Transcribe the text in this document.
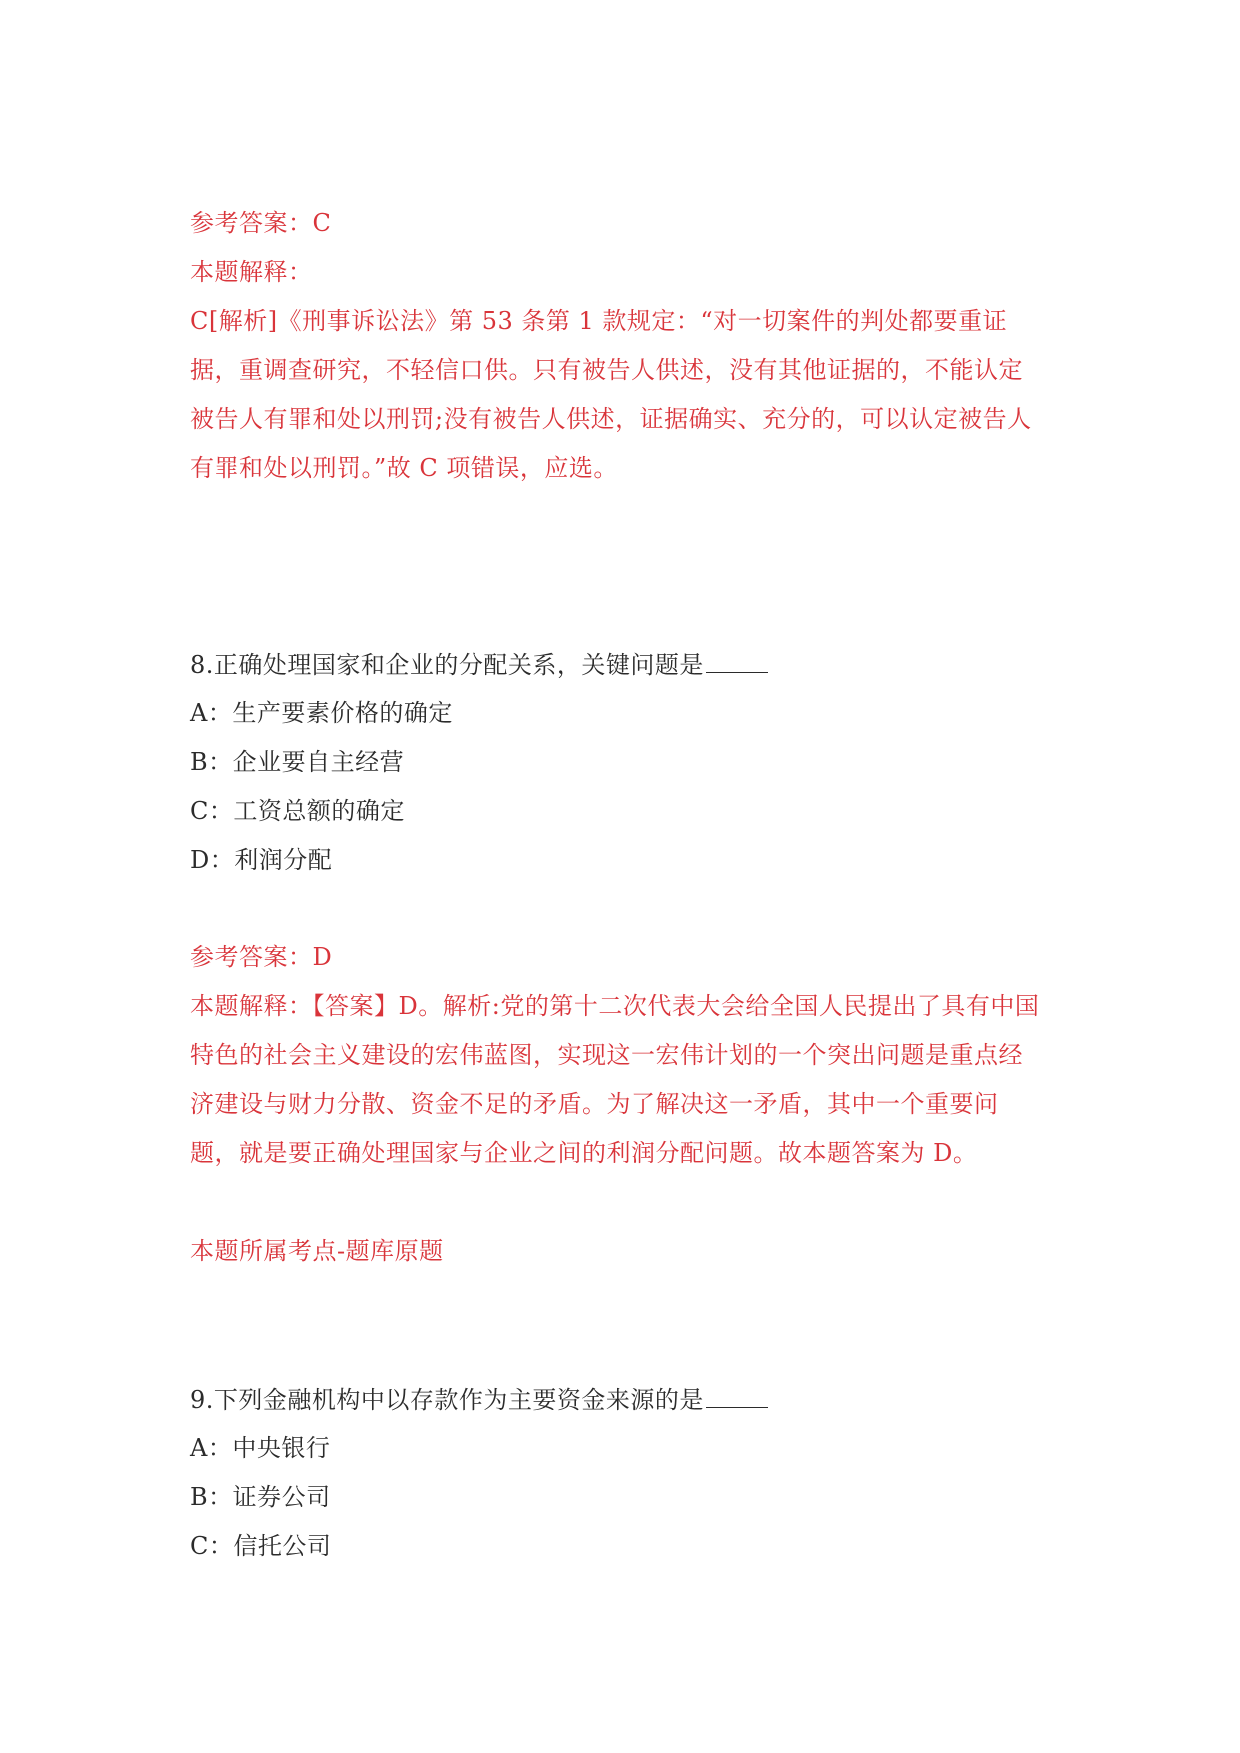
参考答案：C

本题解释：

C[解析]《刑事诉讼法》第 53 条第 1 款规定：“对一切案件的判处都要重证

据，重调查研究，不轻信口供。只有被告人供述，没有其他证据的，不能认定

被告人有罪和处以刑罚;没有被告人供述，证据确实、充分的，可以认定被告人

有罪和处以刑罚。”故 C 项错误，应选。

8.正确处理国家和企业的分配关系，关键问题是

A：生产要素价格的确定

B：企业要自主经营

C：工资总额的确定

D：利润分配

参考答案：D

本题解释：【答案】D。解析:党的第十二次代表大会给全国人民提出了具有中国

特色的社会主义建设的宏伟蓝图，实现这一宏伟计划的一个突出问题是重点经

济建设与财力分散、资金不足的矛盾。为了解决这一矛盾，其中一个重要问

题，就是要正确处理国家与企业之间的利润分配问题。故本题答案为 D。

本题所属考点-题库原题

9.下列金融机构中以存款作为主要资金来源的是

A：中央银行

B：证券公司

C：信托公司
